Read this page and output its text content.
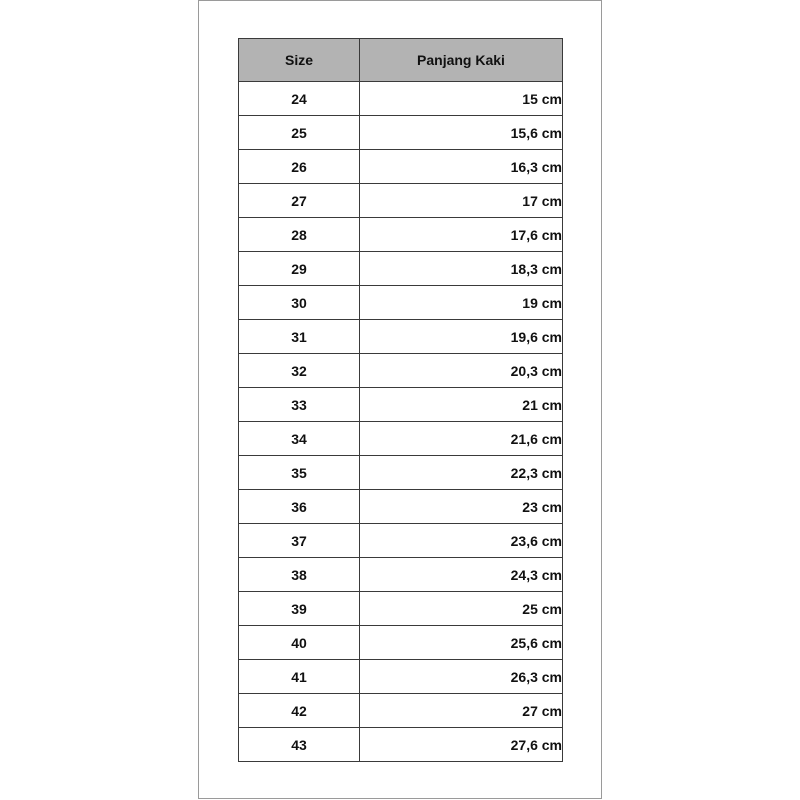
Size	Panjang Kaki
24	15 cm
25	15,6 cm
26	16,3 cm
27	17 cm
28	17,6 cm
29	18,3 cm
30	19 cm
31	19,6 cm
32	20,3 cm
33	21 cm
34	21,6 cm
35	22,3 cm
36	23 cm
37	23,6 cm
38	24,3 cm
39	25 cm
40	25,6 cm
41	26,3 cm
42	27 cm
43	27,6 cm
